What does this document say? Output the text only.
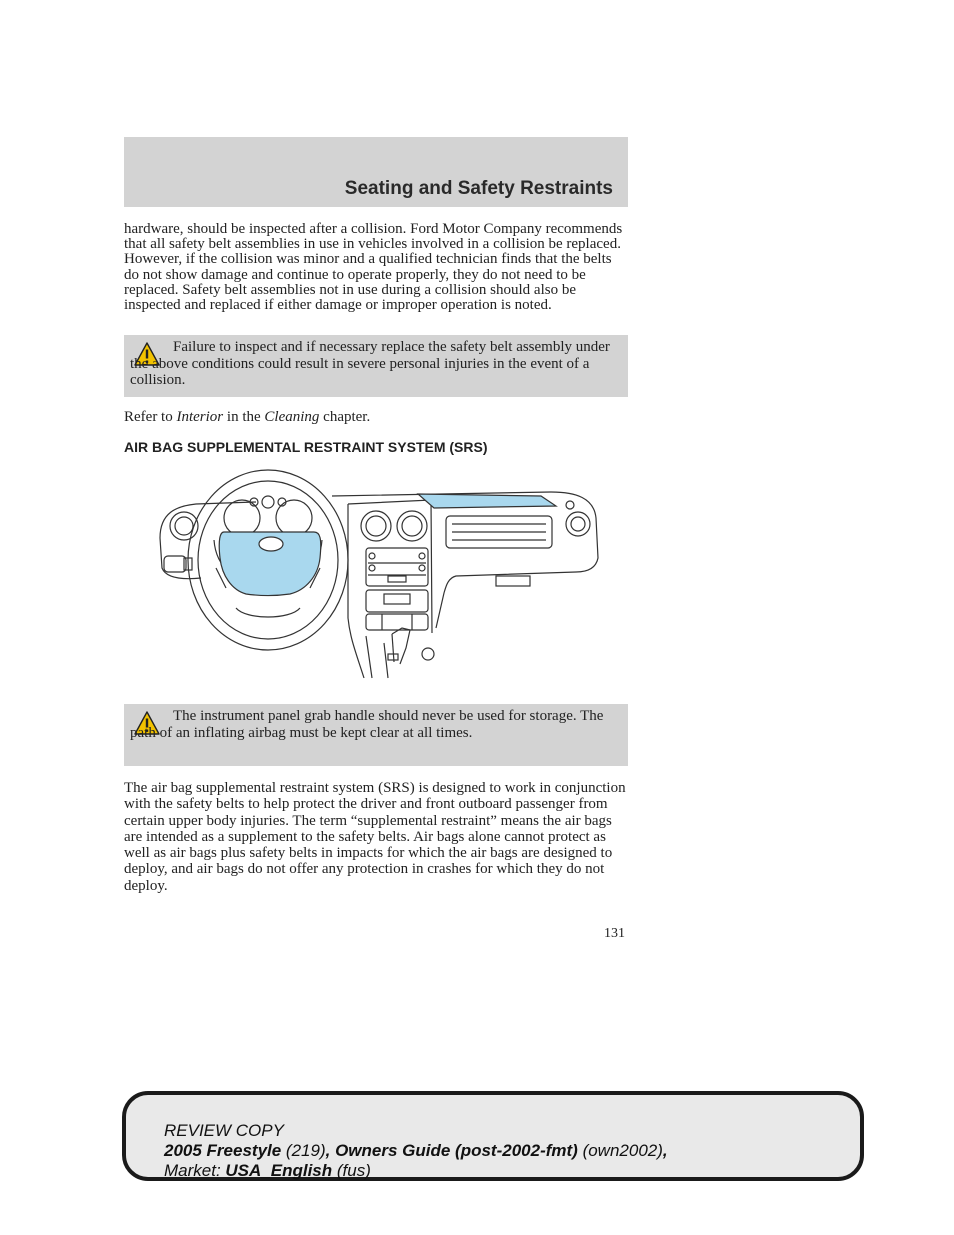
Seating and Safety Restraints
hardware, should be inspected after a collision. Ford Motor Company recommends that all safety belt assemblies in use in vehicles involved in a collision be replaced. However, if the collision was minor and a qualified technician finds that the belts do not show damage and continue to operate properly, they do not need to be replaced. Safety belt assemblies not in use during a collision should also be inspected and replaced if either damage or improper operation is noted.
Failure to inspect and if necessary replace the safety belt assembly under the above conditions could result in severe personal injuries in the event of a collision.
Refer to Interior in the Cleaning chapter.
AIR BAG SUPPLEMENTAL RESTRAINT SYSTEM (SRS)
The instrument panel grab handle should never be used for storage. The path of an inflating airbag must be kept clear at all times.
The air bag supplemental restraint system (SRS) is designed to work in conjunction with the safety belts to help protect the driver and front outboard passenger from certain upper body injuries. The term “supplemental restraint” means the air bags are intended as a supplement to the safety belts. Air bags alone cannot protect as well as air bags plus safety belts in impacts for which the air bags are designed to deploy, and air bags do not offer any protection in crashes for which they do not deploy.
131
REVIEW COPY
2005 Freestyle (219), Owners Guide (post-2002-fmt) (own2002),
Market: USA_English (fus)
